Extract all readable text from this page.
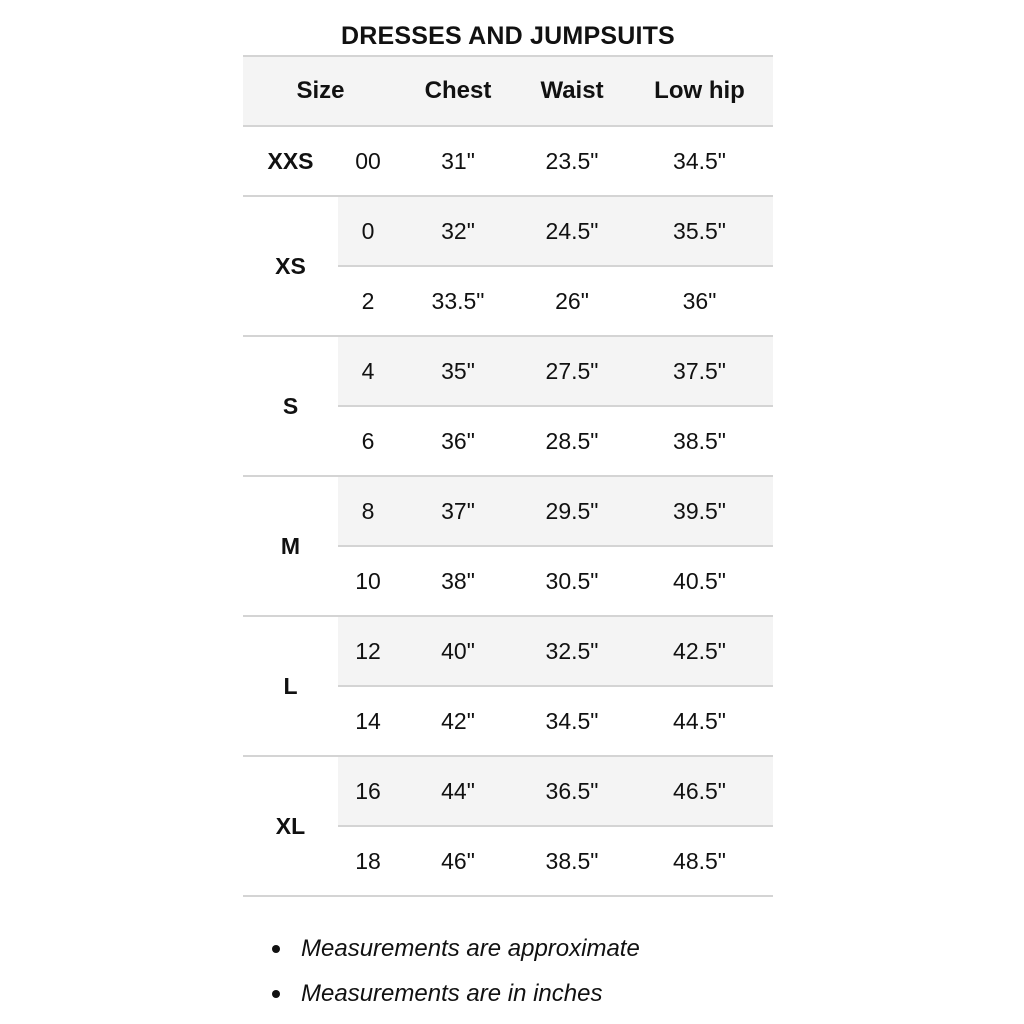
DRESSES AND JUMPSUITS
Size		Chest	Waist	Low hip
XXS	00	31"	23.5"	34.5"
XS	0	32"	24.5"	35.5"
	2	33.5"	26"	36"
S	4	35"	27.5"	37.5"
	6	36"	28.5"	38.5"
M	8	37"	29.5"	39.5"
	10	38"	30.5"	40.5"
L	12	40"	32.5"	42.5"
	14	42"	34.5"	44.5"
XL	16	44"	36.5"	46.5"
	18	46"	38.5"	48.5"
Measurements are approximate
Measurements are in inches
